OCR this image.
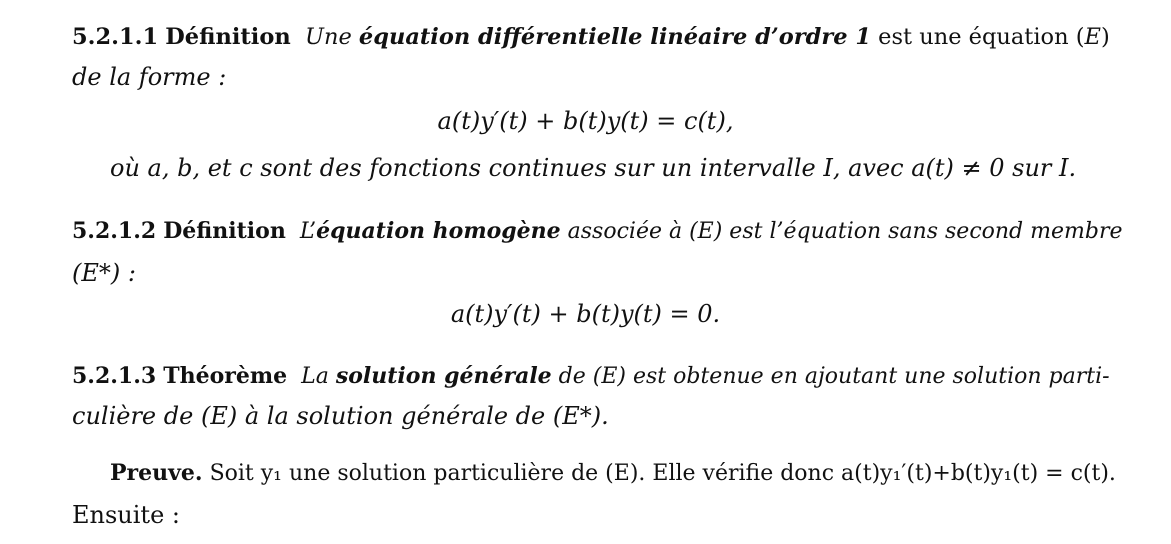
5.2.1.1 Définition Une équation différentielle linéaire d’ordre 1 est une équation (E)
de la forme :
a(t)y′(t) + b(t)y(t) = c(t),
où a, b, et c sont des fonctions continues sur un intervalle I, avec a(t) ≠ 0 sur I.
5.2.1.2 Définition L’équation homogène associée à (E) est l’équation sans second membre
(E*) :
a(t)y′(t) + b(t)y(t) = 0.
5.2.1.3 Théorème La solution générale de (E) est obtenue en ajoutant une solution parti-
culière de (E) à la solution générale de (E*).
Preuve. Soit y₁ une solution particulière de (E). Elle vérifie donc a(t)y₁′(t)+b(t)y₁(t) = c(t).
Ensuite :
